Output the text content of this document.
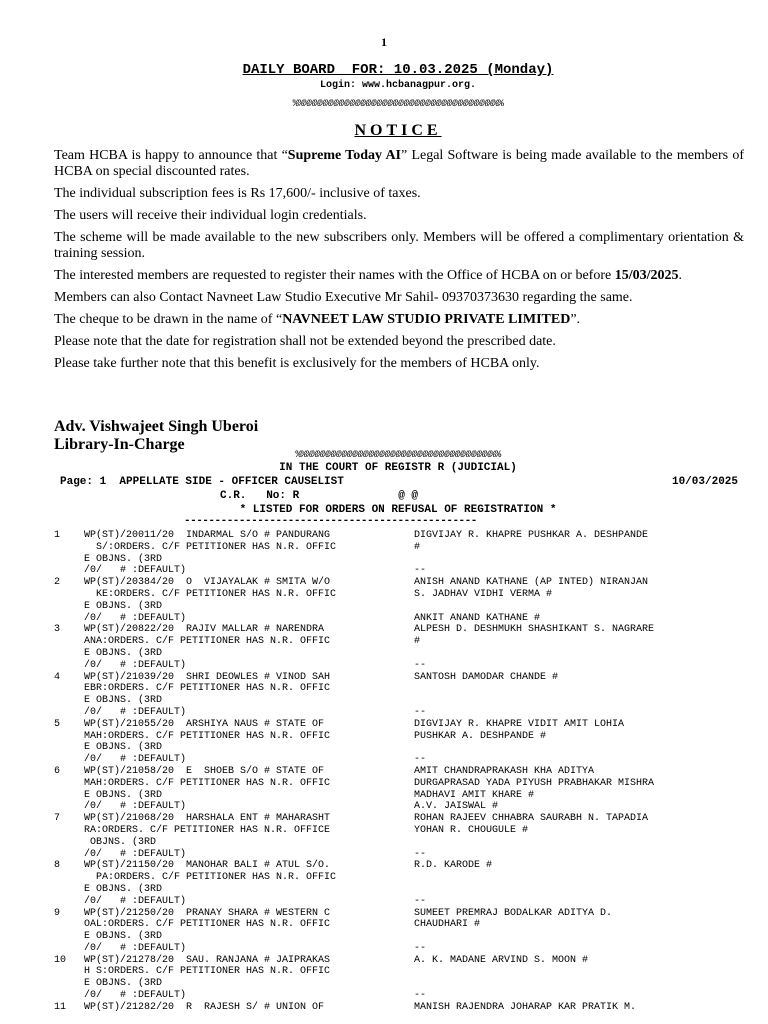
1
DAILY BOARD  FOR: 10.03.2025 (Monday)
Login: www.hcbanagpur.org.
%%%%%%%%%%%%%%%%%%%%%%%%%%%%%%%%%%%%%%%
NOTICE

Team HCBA is happy to announce that “Supreme Today AI” Legal Software is being made available to the members of HCBA on special discounted rates.

The individual subscription fees is Rs 17,600/- inclusive of taxes.

The users will receive their individual login credentials.

The scheme will be made available to the new subscribers only. Members will be offered a complimentary orientation & training session.

The interested members are requested to register their names with the Office of HCBA on or before 15/03/2025.

Members can also Contact Navneet Law Studio Executive Mr Sahil- 09370373630 regarding the same.

The cheque to be drawn in the name of “NAVNEET LAW STUDIO PRIVATE LIMITED”.

Please note that the date for registration shall not be extended beyond the prescribed date.

Please take further note that this benefit is exclusively for the members of HCBA only.

Adv. Vishwajeet Singh Uberoi
Library-In-Charge
%%%%%%%%%%%%%%%%%%%%%%%%%%%%%%%%%%%%%%
IN THE COURT OF REGISTR R (JUDICIAL)
Page: 1  APPELLATE SIDE - OFFICER CAUSELIST	10/03/2025
C.R.   No: R               @ @
* LISTED FOR ORDERS ON REFUSAL OF REGISTRATION *
------------------------------------------------
1 WP(ST)/20011/20  INDARMAL S/O # PANDURANG
S/:ORDERS. C/F PETITIONER HAS N.R. OFFIC
E OBJNS. (3RD
/0/   # :DEFAULT)
DIGVIJAY R. KHAPRE PUSHKAR A. DESHPANDE
#

--
2 WP(ST)/20384/20  O  VIJAYALAK # SMITA W/O
KE:ORDERS. C/F PETITIONER HAS N.R. OFFIC
E OBJNS. (3RD
/0/   # :DEFAULT)
ANISH ANAND KATHANE (AP INTED) NIRANJAN
S. JADHAV VIDHI VERMA #

ANKIT ANAND KATHANE #
3 WP(ST)/20822/20  RAJIV MALLAR # NARENDRA
ANA:ORDERS. C/F PETITIONER HAS N.R. OFFIC
E OBJNS. (3RD
/0/   # :DEFAULT)
ALPESH D. DESHMUKH SHASHIKANT S. NAGRARE
#

--
4 WP(ST)/21039/20  SHRI DEOWLES # VINOD SAH
EBR:ORDERS. C/F PETITIONER HAS N.R. OFFIC
E OBJNS. (3RD
/0/   # :DEFAULT)
SANTOSH DAMODAR CHANDE #

--
5 WP(ST)/21055/20  ARSHIYA NAUS # STATE OF
MAH:ORDERS. C/F PETITIONER HAS N.R. OFFIC
E OBJNS. (3RD
/0/   # :DEFAULT)
DIGVIJAY R. KHAPRE VIDIT AMIT LOHIA
PUSHKAR A. DESHPANDE #

--
6 WP(ST)/21058/20  E  SHOEB S/O # STATE OF
MAH:ORDERS. C/F PETITIONER HAS N.R. OFFIC
E OBJNS. (3RD
/0/   # :DEFAULT)
AMIT CHANDRAPRAKASH KHA ADITYA
DURGAPRASAD YADA PIYUSH PRABHAKAR MISHRA
MADHAVI AMIT KHARE #
A.V. JAISWAL #
7 WP(ST)/21068/20  HARSHALA ENT # MAHARASHT
RA:ORDERS. C/F PETITIONER HAS N.R. OFFICE
OBJNS. (3RD
/0/   # :DEFAULT)
ROHAN RAJEEV CHHABRA SAURABH N. TAPADIA
YOHAN R. CHOUGULE #

--
8 WP(ST)/21150/20  MANOHAR BALI # ATUL S/O.
PA:ORDERS. C/F PETITIONER HAS N.R. OFFIC
E OBJNS. (3RD
/0/   # :DEFAULT)
R.D. KARODE #

--
9 WP(ST)/21250/20  PRANAY SHARA # WESTERN C
OAL:ORDERS. C/F PETITIONER HAS N.R. OFFIC
E OBJNS. (3RD
/0/   # :DEFAULT)
SUMEET PREMRAJ BODALKAR ADITYA D.
CHAUDHARI #

--
10 WP(ST)/21278/20  SAU. RANJANA # JAIPRAKAS
H S:ORDERS. C/F PETITIONER HAS N.R. OFFIC
E OBJNS. (3RD
/0/   # :DEFAULT)
A. K. MADANE ARVIND S. MOON #

--
11 WP(ST)/21282/20  R  RAJESH S/ # UNION OF	MANISH RAJENDRA JOHARAP KAR PRATIK M.
